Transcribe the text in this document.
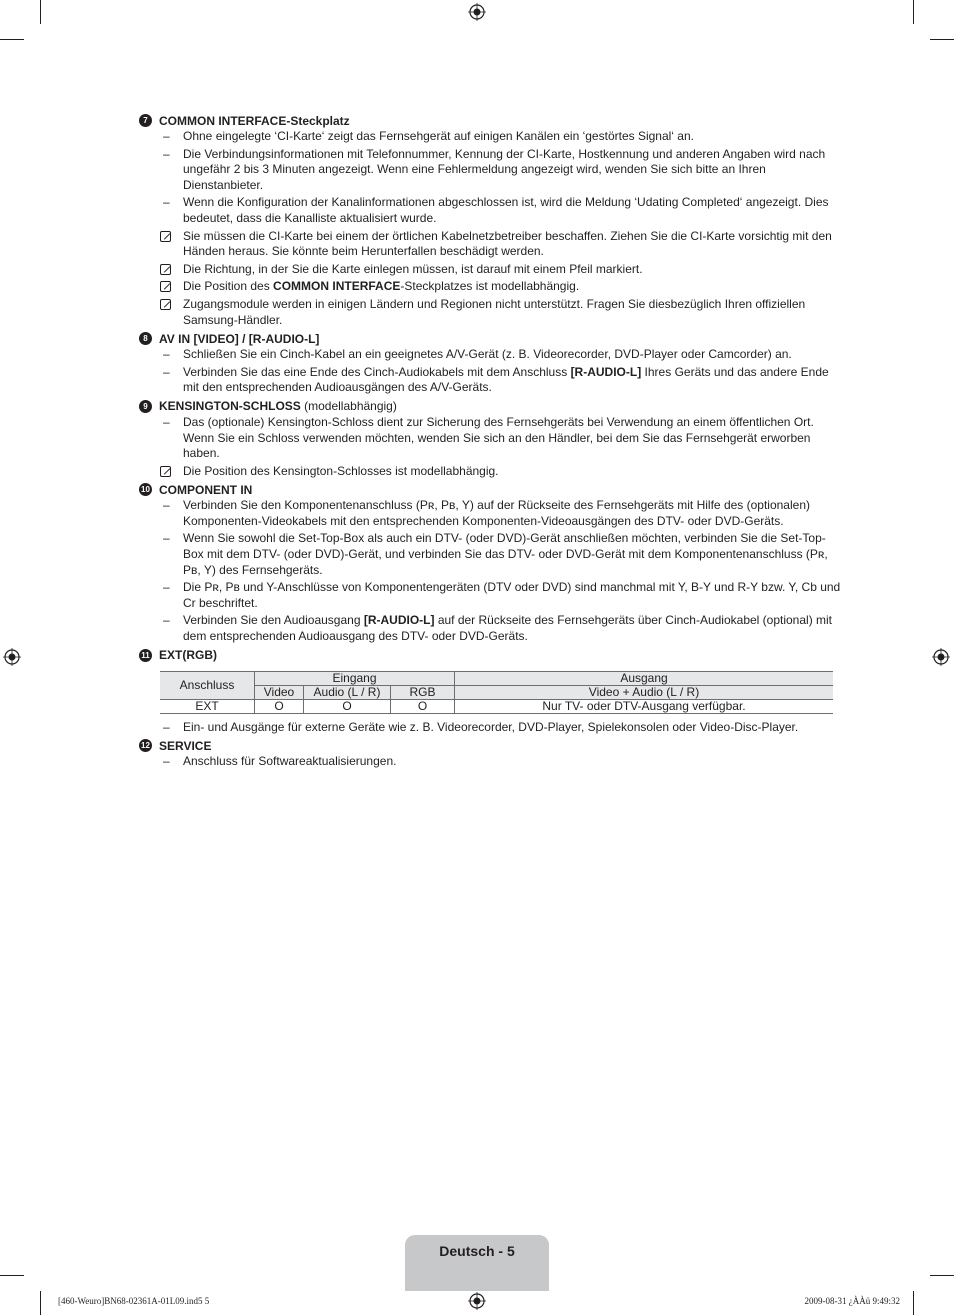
7 COMMON INTERFACE-Steckplatz
–	Ohne eingelegte ‘CI-Karte‘ zeigt das Fernsehgerät auf einigen Kanälen ein ‘gestörtes Signal‘ an.
–	Die Verbindungsinformationen mit Telefonnummer, Kennung der CI-Karte, Hostkennung und anderen Angaben wird nach ungefähr 2 bis 3 Minuten angezeigt. Wenn eine Fehlermeldung angezeigt wird, wenden Sie sich bitte an Ihren Dienstanbieter.
–	Wenn die Konfiguration der Kanalinformationen abgeschlossen ist, wird die Meldung ‘Udating Completed‘ angezeigt. Dies bedeutet, dass die Kanalliste aktualisiert wurde.
Sie müssen die CI-Karte bei einem der örtlichen Kabelnetzbetreiber beschaffen. Ziehen Sie die CI-Karte vorsichtig mit den Händen heraus. Sie könnte beim Herunterfallen beschädigt werden.
Die Richtung, in der Sie die Karte einlegen müssen, ist darauf mit einem Pfeil markiert.
Die Position des COMMON INTERFACE-Steckplatzes ist modellabhängig.
Zugangsmodule werden in einigen Ländern und Regionen nicht unterstützt. Fragen Sie diesbezüglich Ihren offiziellen Samsung-Händler.
8 AV IN [VIDEO] / [R-AUDIO-L]
–	Schließen Sie ein Cinch-Kabel an ein geeignetes A/V-Gerät (z. B. Videorecorder, DVD-Player oder Camcorder) an.
–	Verbinden Sie das eine Ende des Cinch-Audiokabels mit dem Anschluss [R-AUDIO-L] Ihres Geräts und das andere Ende mit den entsprechenden Audioausgängen des A/V-Geräts.
9 KENSINGTON-SCHLOSS (modellabhängig)
–	Das (optionale) Kensington-Schloss dient zur Sicherung des Fernsehgeräts bei Verwendung an einem öffentlichen Ort. Wenn Sie ein Schloss verwenden möchten, wenden Sie sich an den Händler, bei dem Sie das Fernsehgerät erworben haben.
Die Position des Kensington-Schlosses ist modellabhängig.
10 COMPONENT IN
–	Verbinden Sie den Komponentenanschluss (Pʀ, Pʙ, Y) auf der Rückseite des Fernsehgeräts mit Hilfe des (optionalen) Komponenten-Videokabels mit den entsprechenden Komponenten-Videoausgängen des DTV- oder DVD-Geräts.
–	Wenn Sie sowohl die Set-Top-Box als auch ein DTV- (oder DVD)-Gerät anschließen möchten, verbinden Sie die Set-Top-Box mit dem DTV- (oder DVD)-Gerät, und verbinden Sie das DTV- oder DVD-Gerät mit dem Komponentenanschluss (Pʀ, Pʙ, Y) des Fernsehgeräts.
–	Die Pʀ, Pʙ und Y-Anschlüsse von Komponentengeräten (DTV oder DVD) sind manchmal mit Y, B-Y und R-Y bzw. Y, Cb und Cr beschriftet.
–	Verbinden Sie den Audioausgang [R-AUDIO-L] auf der Rückseite des Fernsehgeräts über Cinch-Audiokabel (optional) mit dem entsprechenden Audioausgang des DTV- oder DVD-Geräts.
11 EXT(RGB)
Anschluss	Eingang			Ausgang
	Video	Audio (L / R)	RGB	Video + Audio (L / R)
EXT	O	O	O	Nur TV- oder DTV-Ausgang verfügbar.
–	Ein- und Ausgänge für externe Geräte wie z. B. Videorecorder, DVD-Player, Spielekonsolen oder Video-Disc-Player.
12 SERVICE
–	Anschluss für Softwareaktualisierungen.
Deutsch - 5
[460-Weuro]BN68-02361A-01L09.ind5 5	2009-08-31 ¿ÀÀü 9:49:32
